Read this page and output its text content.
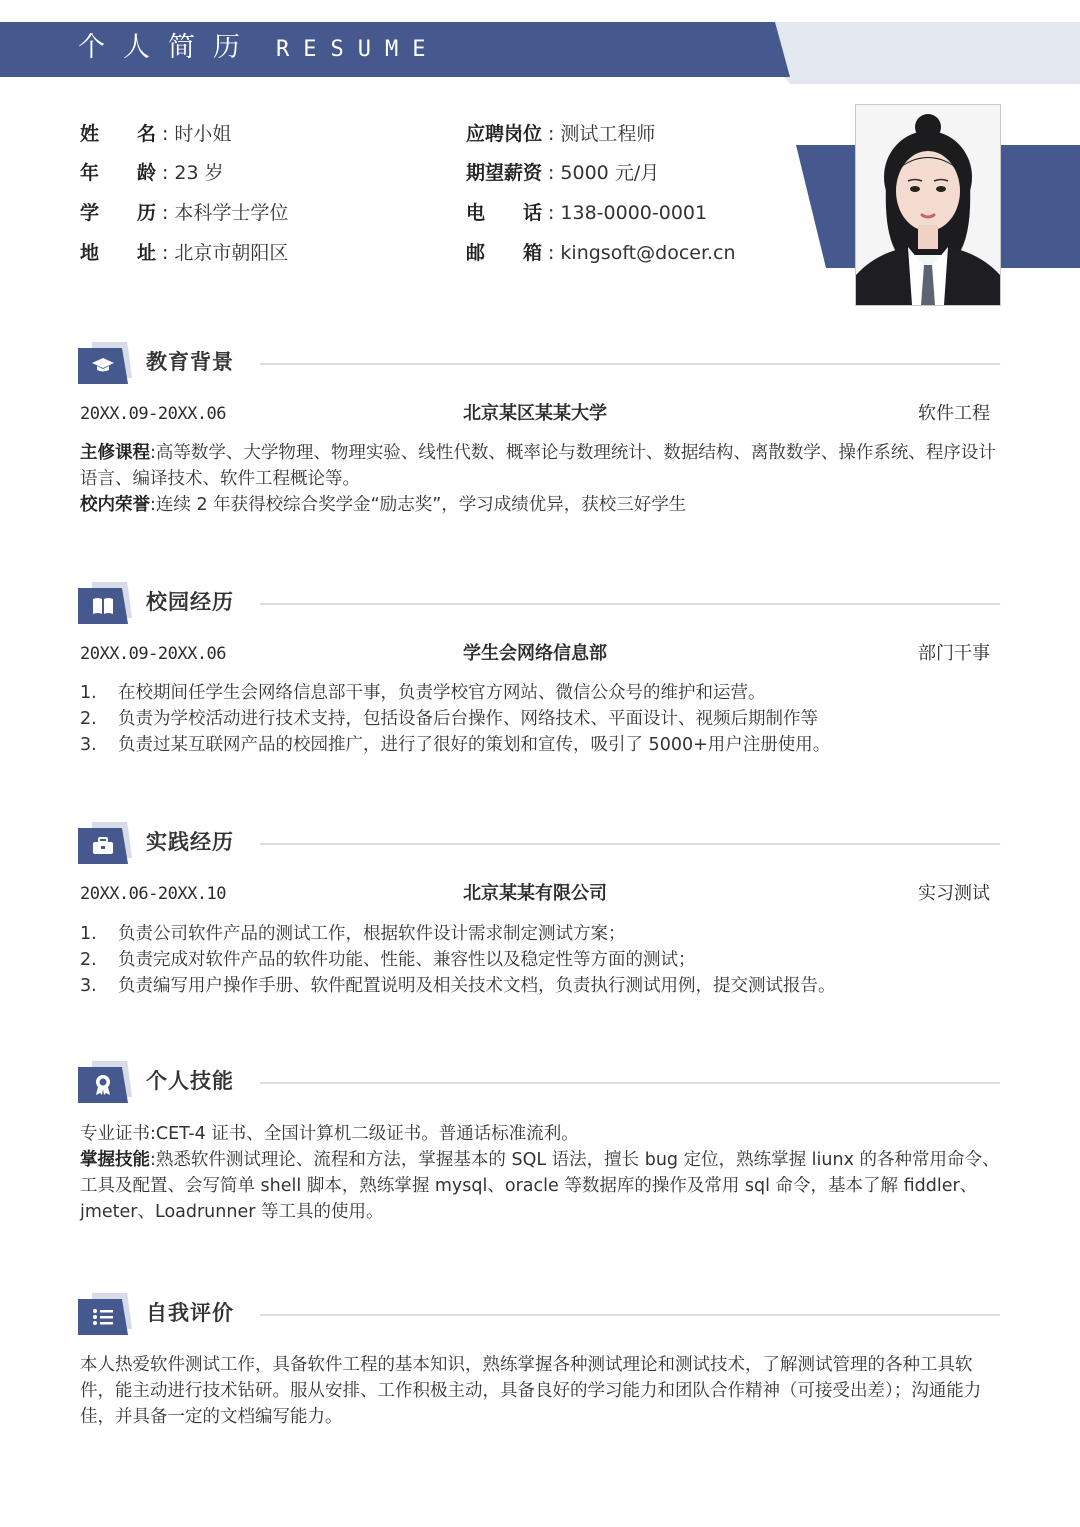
个人简历 RESUME
姓　　名 : 时小姐
年　　龄 : 23 岁
学　　历 : 本科学士学位
地　　址 : 北京市朝阳区
应聘岗位 : 测试工程师
期望薪资 : 5000 元/月
电　　话 : 138-0000-0001
邮　　箱 : kingsoft@docer.cn
教育背景
20XX.09-20XX.06	北京某区某某大学	软件工程
主修课程:高等数学、大学物理、物理实验、线性代数、概率论与数理统计、数据结构、离散数学、操作系统、程序设计语言、编译技术、软件工程概论等。
校内荣誉:连续 2 年获得校综合奖学金“励志奖”，学习成绩优异，获校三好学生
校园经历
20XX.09-20XX.06	学生会网络信息部	部门干事
1. 在校期间任学生会网络信息部干事，负责学校官方网站、微信公众号的维护和运营。
2. 负责为学校活动进行技术支持，包括设备后台操作、网络技术、平面设计、视频后期制作等
3. 负责过某互联网产品的校园推广，进行了很好的策划和宣传，吸引了 5000+用户注册使用。
实践经历
20XX.06-20XX.10	北京某某有限公司	实习测试
1. 负责公司软件产品的测试工作，根据软件设计需求制定测试方案；
2. 负责完成对软件产品的软件功能、性能、兼容性以及稳定性等方面的测试；
3. 负责编写用户操作手册、软件配置说明及相关技术文档，负责执行测试用例，提交测试报告。
个人技能
专业证书:CET-4 证书、全国计算机二级证书。普通话标准流利。
掌握技能:熟悉软件测试理论、流程和方法，掌握基本的 SQL 语法，擅长 bug 定位，熟练掌握 liunx 的各种常用命令、工具及配置、会写简单 shell 脚本，熟练掌握 mysql、oracle 等数据库的操作及常用 sql 命令，基本了解 fiddler、jmeter、Loadrunner 等工具的使用。
自我评价
本人热爱软件测试工作，具备软件工程的基本知识，熟练掌握各种测试理论和测试技术，了解测试管理的各种工具软件，能主动进行技术钻研。服从安排、工作积极主动，具备良好的学习能力和团队合作精神（可接受出差）；沟通能力佳，并具备一定的文档编写能力。
